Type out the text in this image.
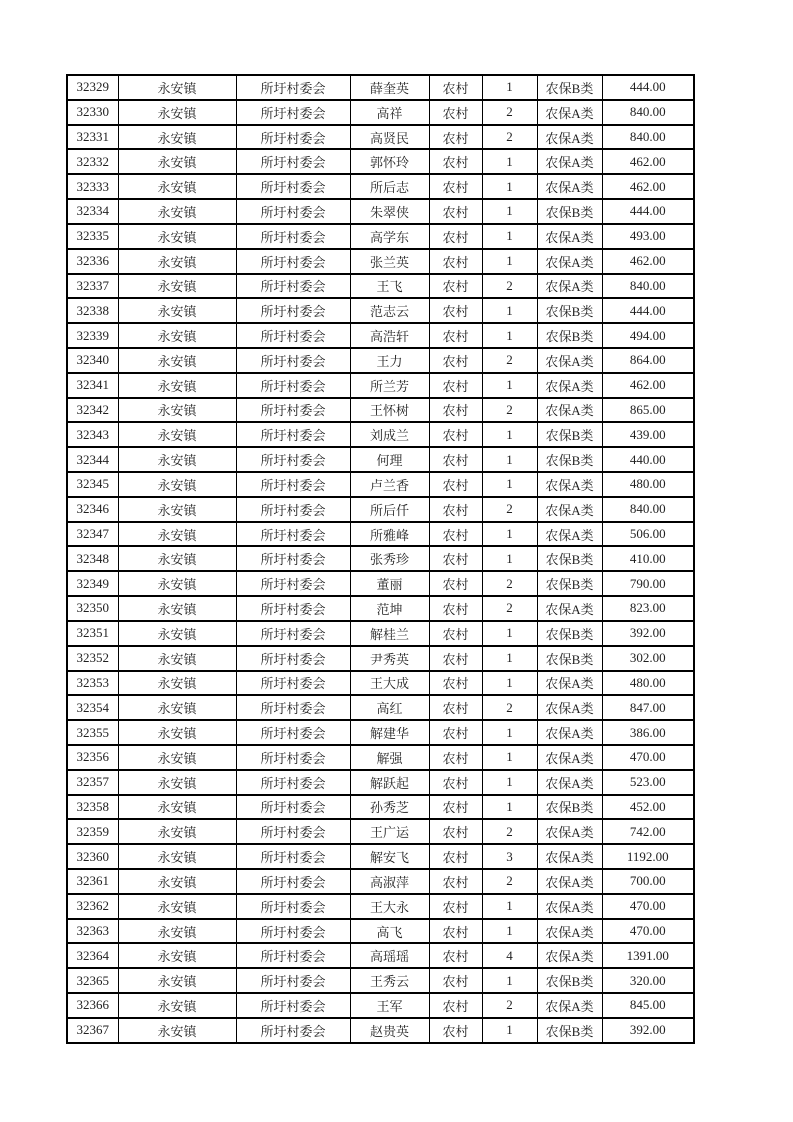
32329	永安镇	所圩村委会	薛奎英	农村	1	农保B类	444.00
32330	永安镇	所圩村委会	高祥	农村	2	农保A类	840.00
32331	永安镇	所圩村委会	高贤民	农村	2	农保A类	840.00
32332	永安镇	所圩村委会	郭怀玲	农村	1	农保A类	462.00
32333	永安镇	所圩村委会	所后志	农村	1	农保A类	462.00
32334	永安镇	所圩村委会	朱翠侠	农村	1	农保B类	444.00
32335	永安镇	所圩村委会	高学东	农村	1	农保A类	493.00
32336	永安镇	所圩村委会	张兰英	农村	1	农保A类	462.00
32337	永安镇	所圩村委会	王飞	农村	2	农保A类	840.00
32338	永安镇	所圩村委会	范志云	农村	1	农保B类	444.00
32339	永安镇	所圩村委会	高浩轩	农村	1	农保B类	494.00
32340	永安镇	所圩村委会	王力	农村	2	农保A类	864.00
32341	永安镇	所圩村委会	所兰芳	农村	1	农保A类	462.00
32342	永安镇	所圩村委会	王怀树	农村	2	农保A类	865.00
32343	永安镇	所圩村委会	刘成兰	农村	1	农保B类	439.00
32344	永安镇	所圩村委会	何理	农村	1	农保B类	440.00
32345	永安镇	所圩村委会	卢兰香	农村	1	农保A类	480.00
32346	永安镇	所圩村委会	所后仟	农村	2	农保A类	840.00
32347	永安镇	所圩村委会	所雅峰	农村	1	农保A类	506.00
32348	永安镇	所圩村委会	张秀珍	农村	1	农保B类	410.00
32349	永安镇	所圩村委会	董丽	农村	2	农保B类	790.00
32350	永安镇	所圩村委会	范坤	农村	2	农保A类	823.00
32351	永安镇	所圩村委会	解桂兰	农村	1	农保B类	392.00
32352	永安镇	所圩村委会	尹秀英	农村	1	农保B类	302.00
32353	永安镇	所圩村委会	王大成	农村	1	农保A类	480.00
32354	永安镇	所圩村委会	高红	农村	2	农保A类	847.00
32355	永安镇	所圩村委会	解建华	农村	1	农保A类	386.00
32356	永安镇	所圩村委会	解强	农村	1	农保A类	470.00
32357	永安镇	所圩村委会	解跃起	农村	1	农保A类	523.00
32358	永安镇	所圩村委会	孙秀芝	农村	1	农保B类	452.00
32359	永安镇	所圩村委会	王广运	农村	2	农保A类	742.00
32360	永安镇	所圩村委会	解安飞	农村	3	农保A类	1192.00
32361	永安镇	所圩村委会	高淑萍	农村	2	农保A类	700.00
32362	永安镇	所圩村委会	王大永	农村	1	农保A类	470.00
32363	永安镇	所圩村委会	高飞	农村	1	农保A类	470.00
32364	永安镇	所圩村委会	高瑶瑶	农村	4	农保A类	1391.00
32365	永安镇	所圩村委会	王秀云	农村	1	农保B类	320.00
32366	永安镇	所圩村委会	王军	农村	2	农保A类	845.00
32367	永安镇	所圩村委会	赵贵英	农村	1	农保B类	392.00
